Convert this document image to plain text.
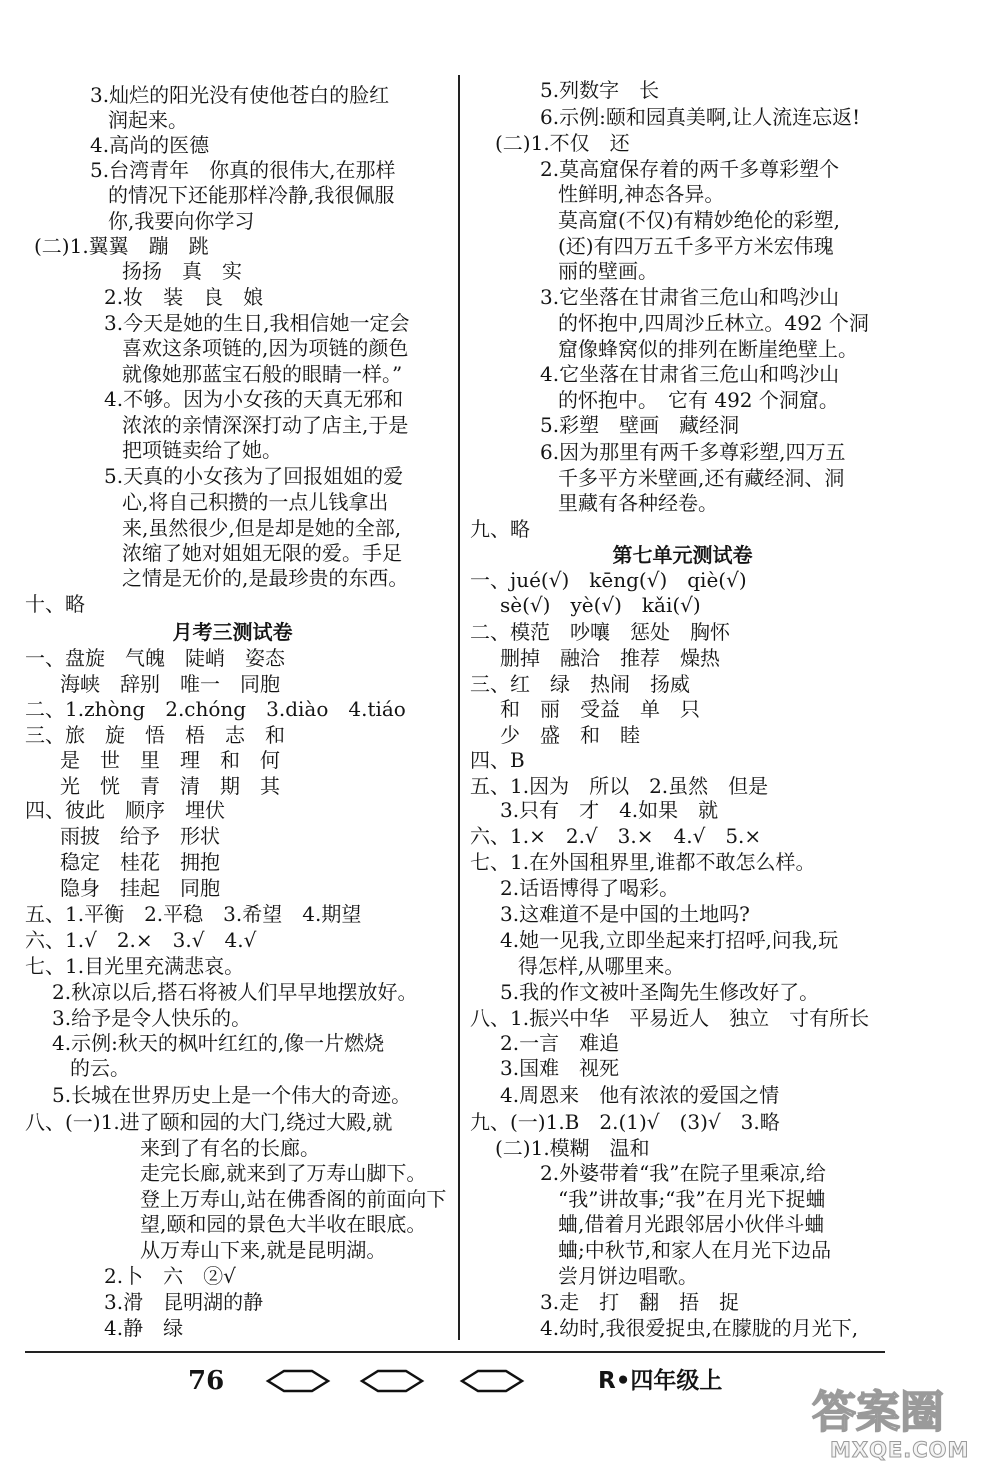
3.灿烂的阳光没有使他苍白的脸红
润起来。
4.高尚的医德
5.台湾青年　你真的很伟大,在那样
的情况下还能那样冷静,我很佩服
你,我要向你学习
(二)1.翼翼　蹦　跳
扬扬　真　实
2.妆　装　良　娘
3.今天是她的生日,我相信她一定会
喜欢这条项链的,因为项链的颜色
就像她那蓝宝石般的眼睛一样。”
4.不够。因为小女孩的天真无邪和
浓浓的亲情深深打动了店主,于是
把项链卖给了她。
5.天真的小女孩为了回报姐姐的爱
心,将自己积攒的一点儿钱拿出
来,虽然很少,但是却是她的全部,
浓缩了她对姐姐无限的爱。手足
之情是无价的,是最珍贵的东西。
十、略
月考三测试卷
一、盘旋　气魄　陡峭　姿态
海峡　辞别　唯一　同胞
二、1.zhòng　2.chóng　3.diào　4.tiáo
三、旅　旋　悟　梧　志　和
是　世　里　理　和　何
光　恍　青　清　期　其
四、彼此　顺序　埋伏
雨披　给予　形状
稳定　桂花　拥抱
隐身　挂起　同胞
五、1.平衡　2.平稳　3.希望　4.期望
六、1.√　2.×　3.√　4.√
七、1.目光里充满悲哀。
2.秋凉以后,搭石将被人们早早地摆放好。
3.给予是令人快乐的。
4.示例:秋天的枫叶红红的,像一片燃烧
的云。
5.长城在世界历史上是一个伟大的奇迹。
八、(一)1.进了颐和园的大门,绕过大殿,就
来到了有名的长廊。
走完长廊,就来到了万寿山脚下。
登上万寿山,站在佛香阁的前面向下
望,颐和园的景色大半收在眼底。
从万寿山下来,就是昆明湖。
2.卜　六　②√
3.滑　昆明湖的静
4.静　绿
5.列数字　长
6.示例:颐和园真美啊,让人流连忘返!
(二)1.不仅　还
2.莫高窟保存着的两千多尊彩塑个
性鲜明,神态各异。
莫高窟(不仅)有精妙绝伦的彩塑,
(还)有四万五千多平方米宏伟瑰
丽的壁画。
3.它坐落在甘肃省三危山和鸣沙山
的怀抱中,四周沙丘林立。492 个洞
窟像蜂窝似的排列在断崖绝壁上。
4.它坐落在甘肃省三危山和鸣沙山
的怀抱中。　它有 492 个洞窟。
5.彩塑　壁画　藏经洞
6.因为那里有两千多尊彩塑,四万五
千多平方米壁画,还有藏经洞、洞
里藏有各种经卷。
九、略
第七单元测试卷
一、jué(√)　kēng(√)　qiè(√)
sè(√)　yè(√)　kǎi(√)
二、模范　吵嚷　惩处　胸怀
删掉　融洽　推荐　燥热
三、红　绿　热闹　扬威
和　丽　受益　单　只
少　盛　和　睦
四、B
五、1.因为　所以　2.虽然　但是
3.只有　才　4.如果　就
六、1.×　2.√　3.×　4.√　5.×
七、1.在外国租界里,谁都不敢怎么样。
2.话语博得了喝彩。
3.这难道不是中国的土地吗?
4.她一见我,立即坐起来打招呼,问我,玩
得怎样,从哪里来。
5.我的作文被叶圣陶先生修改好了。
八、1.振兴中华　平易近人　独立　寸有所长
2.一言　难追
3.国难　视死
4.周恩来　他有浓浓的爱国之情
九、(一)1.B　2.(1)√　(3)√　3.略
(二)1.模糊　温和
2.外婆带着“我”在院子里乘凉,给
“我”讲故事;“我”在月光下捉蛐
蛐,借着月光跟邻居小伙伴斗蛐
蛐;中秋节,和家人在月光下边品
尝月饼边唱歌。
3.走　打　翻　捂　捉
4.幼时,我很爱捉虫,在朦胧的月光下,
76	R•四年级上
答案圈
MXQE.COM
